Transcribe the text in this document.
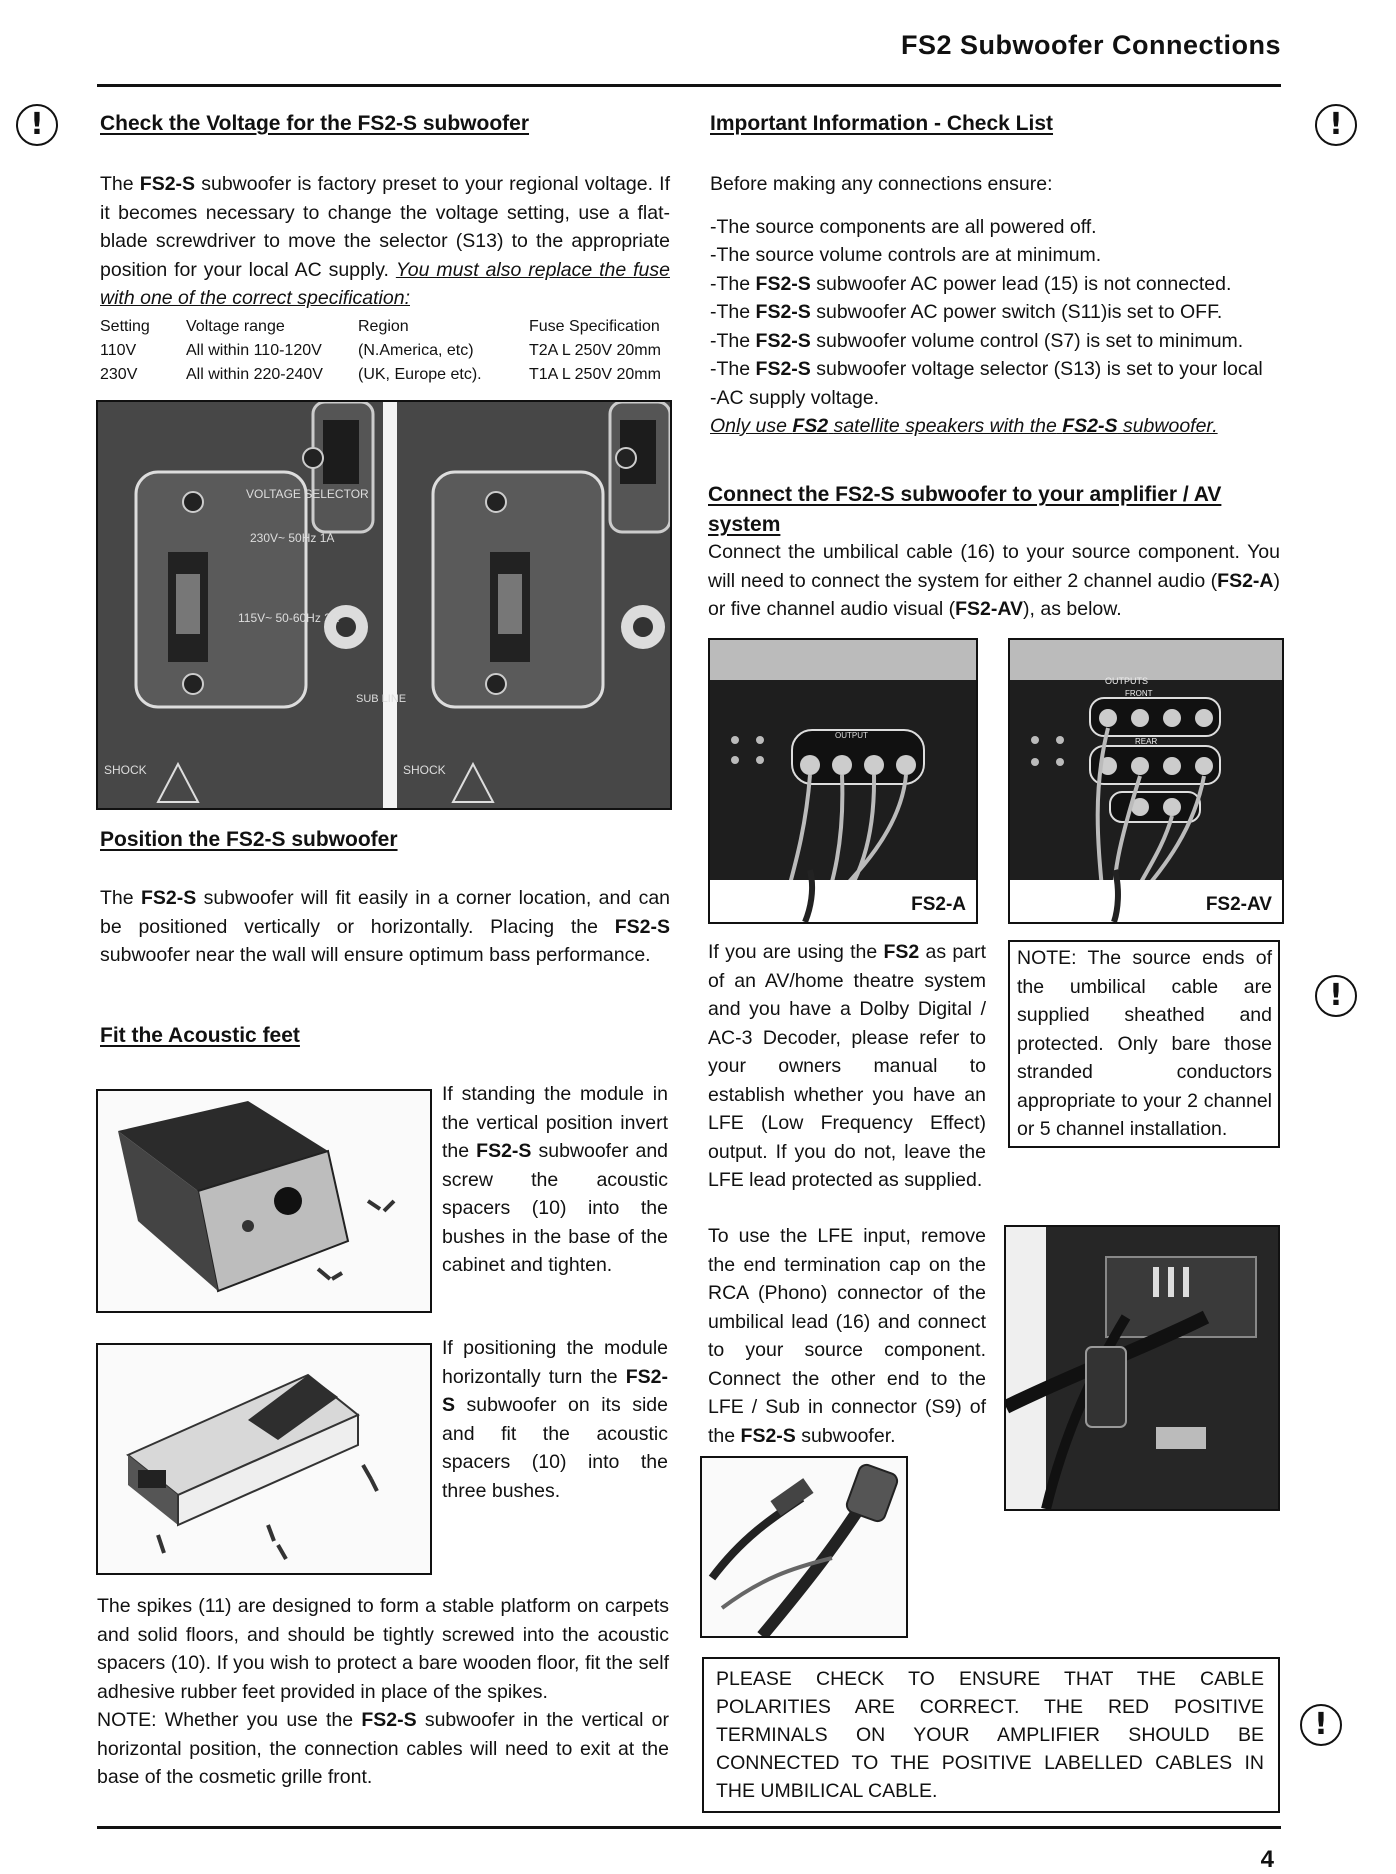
FS2 Subwoofer Connections
!	!
!
!
Check the Voltage for the FS2-S subwoofer

The FS2-S subwoofer is factory preset to your regional voltage. If it becomes necessary to change the voltage setting, use a flat-blade screwdriver to move the selector (S13) to the appropriate position for your local AC supply. You must also replace the fuse with one of the correct specification:

Setting	Voltage range	Region	Fuse Specification
110V	All within 110-120V	(N.America, etc)	T2A L 250V 20mm
230V	All within 220-240V	(UK, Europe etc).	T1A L 250V 20mm
VOLTAGE SELECTOR
230V~ 50Hz 1A
115V~ 50-60Hz 2A
SUB LINE
SHOCK	SHOCK
Position the FS2-S subwoofer

The FS2-S subwoofer will fit easily in a corner location, and can be positioned vertically or horizontally. Placing the FS2-S subwoofer near the wall will ensure optimum bass performance.

Fit the Acoustic feet

If standing the module in the vertical position invert the FS2-S subwoofer and screw the acoustic spacers (10) into the bushes in the base of the cabinet and tighten.

If positioning the module horizontally turn the FS2-S subwoofer on its side and fit the acoustic spacers (10) into the three bushes.

The spikes (11) are designed to form a stable platform on carpets and solid floors, and should be tightly screwed into the acoustic spacers (10). If you wish to protect a bare wooden floor, fit the self adhesive rubber feet provided in place of the spikes.
NOTE: Whether you use the FS2-S subwoofer in the vertical or horizontal position, the connection cables will need to exit at the base of the cosmetic grille front.

Important Information - Check List

Before making any connections ensure:

-The source components are all powered off.

-The source volume controls are at minimum.

-The FS2-S subwoofer AC power lead (15) is not connected.

-The FS2-S subwoofer AC power switch (S11)is set to OFF.

-The FS2-S subwoofer volume control (S7) is set to minimum.

-The FS2-S subwoofer voltage selector (S13) is set to your local

-AC supply voltage.

Only use FS2 satellite speakers with the FS2-S subwoofer.

Connect the FS2-S subwoofer to your amplifier / AV system

Connect the umbilical cable (16) to your source component. You will need to connect the system for either 2 channel audio (FS2-A) or five channel audio visual (FS2-AV), as below.

OUTPUT
FS2-A
OUTPUTS
FRONT
REAR
FS2-AV

If you are using the FS2 as part of an AV/home theatre system and you have a Dolby Digital / AC-3 Decoder, please refer to your owners manual to establish whether you have an LFE (Low Frequency Effect) output. If you do not, leave the LFE lead protected as supplied.

NOTE: The source ends of the umbilical cable are supplied sheathed and protected. Only bare those stranded conductors appropriate to your 2 channel or 5 channel installation.

To use the LFE input, remove the end termination cap on the RCA (Phono) connector of the umbilical lead (16) and connect to your source component. Connect the other end to the LFE / Sub in connector (S9) of the FS2-S subwoofer.

PLEASE CHECK TO ENSURE THAT THE CABLE POLARITIES ARE CORRECT. THE RED POSITIVE TERMINALS ON YOUR AMPLIFIER SHOULD BE CONNECTED TO THE POSITIVE LABELLED CABLES IN THE UMBILICAL CABLE.

4
